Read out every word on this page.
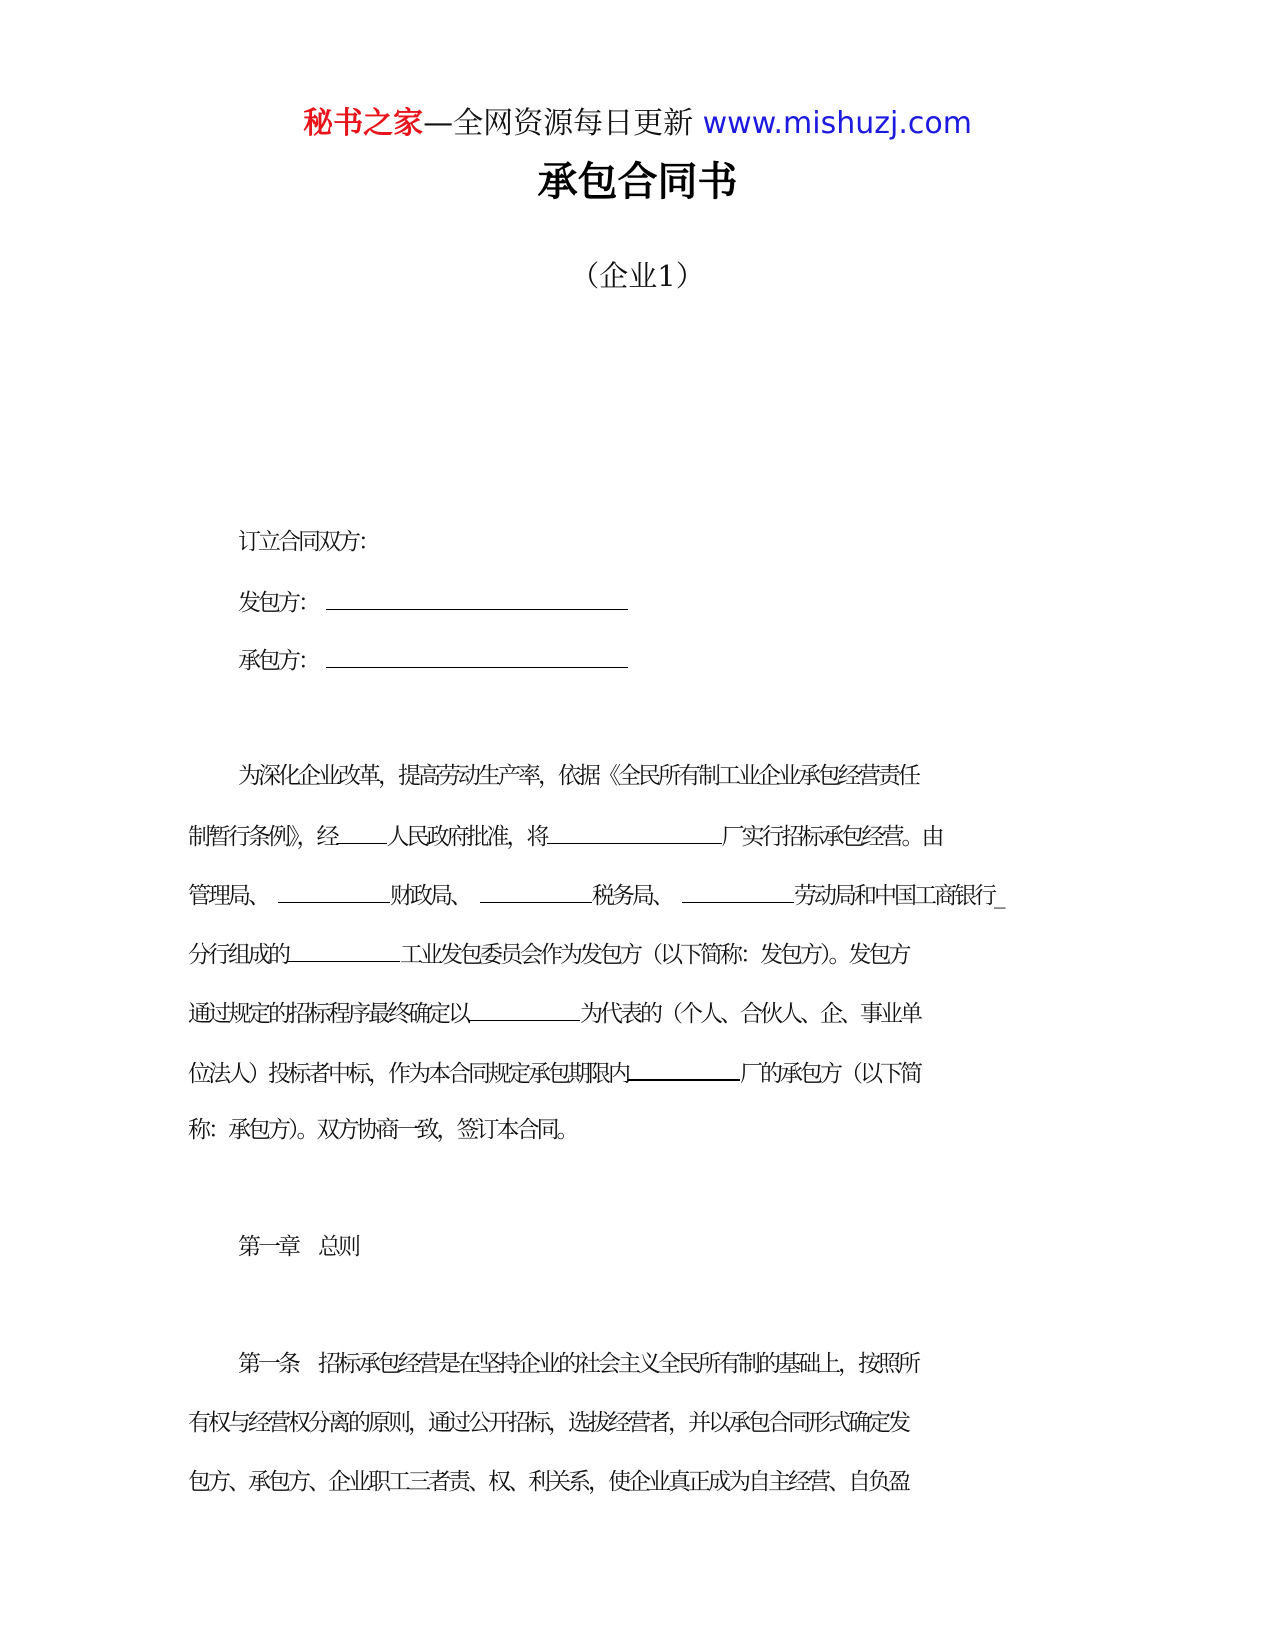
秘书之家—全网资源每日更新 www.mishuzj.com
承包合同书
（企业1）
订立合同双方：
发包方：
承包方：
为深化企业改革，提高劳动生产率，依据《全民所有制工业企业承包经营责任
制暂行条例》，经 人民政府批准，将	厂实行招标承包经营。由
管理局、	财政局、	税务局、	劳动局和中国工商银行_
分行组成的	工业发包委员会作为发包方（以下简称：发包方）。发包方
通过规定的招标程序最终确定以	为代表的（个人、合伙人、企、事业单
位法人）投标者中标，作为本合同规定承包期限内	厂的承包方（以下简
称：承包方）。双方协商一致，签订本合同。
第一章　总则
第一条　招标承包经营是在坚持企业的社会主义全民所有制的基础上，按照所
有权与经营权分离的原则，通过公开招标，选拔经营者，并以承包合同形式确定发
包方、承包方、企业职工三者责、权、利关系，使企业真正成为自主经营、自负盈
